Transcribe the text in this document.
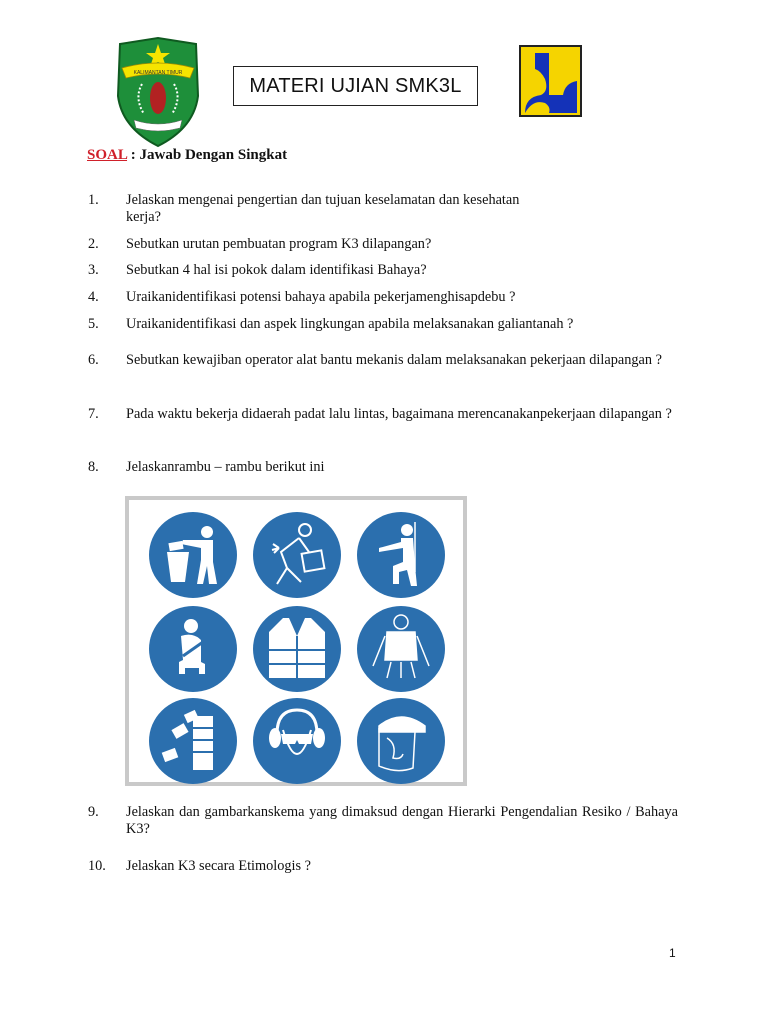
KALIMANTAN TIMUR
MATERI UJIAN SMK3L
SOAL : Jawab Dengan Singkat
1.	Jelaskan mengenai pengertian dan tujuan keselamatan dan kesehatan kerja?
2.	Sebutkan urutan pembuatan program K3 dilapangan?
3.	Sebutkan 4 hal isi pokok dalam identifikasi Bahaya?
4.	Uraikanidentifikasi potensi bahaya apabila pekerjamenghisapdebu ?
5.	Uraikanidentifikasi dan aspek lingkungan apabila melaksanakan galiantanah ?
6.	Sebutkan kewajiban operator alat bantu mekanis dalam melaksanakan pekerjaan dilapangan ?
7.	Pada waktu bekerja didaerah padat lalu lintas, bagaimana merencanakanpekerjaan dilapangan ?
8.	Jelaskanrambu – rambu berikut ini
9.	Jelaskan dan gambarkanskema yang dimaksud dengan Hierarki Pengendalian Resiko / Bahaya K3?
10.	Jelaskan K3 secara Etimologis ?
1
